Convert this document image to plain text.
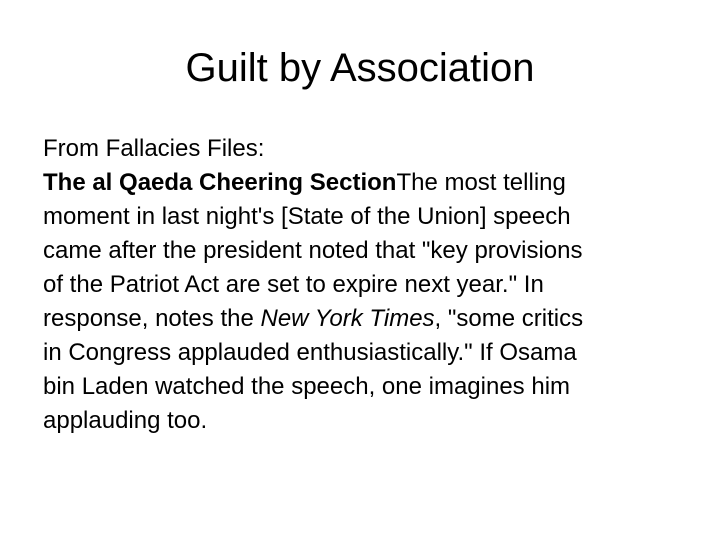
Guilt by Association
From Fallacies Files:
The al Qaeda Cheering SectionThe most telling
moment in last night's [State of the Union] speech
came after the president noted that "key provisions
of the Patriot Act are set to expire next year." In
response, notes the New York Times, "some critics
in Congress applauded enthusiastically." If Osama
bin Laden watched the speech, one imagines him
applauding too.
